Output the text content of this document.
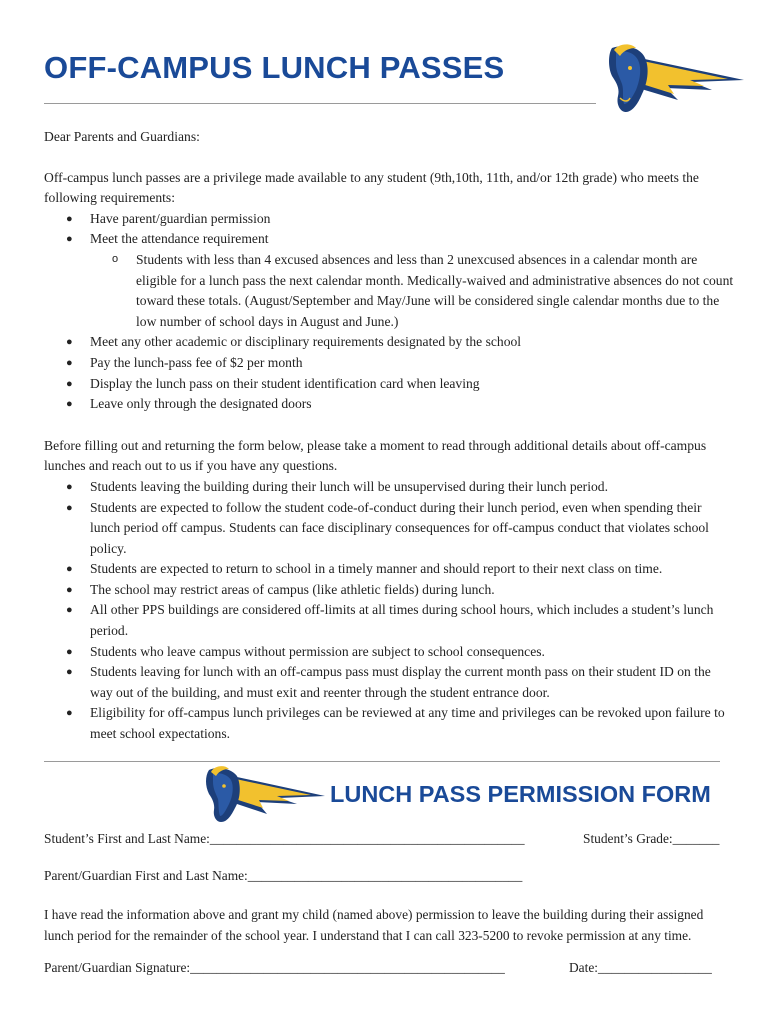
OFF-CAMPUS LUNCH PASSES

Dear Parents and Guardians:

Off-campus lunch passes are a privilege made available to any student (9th,10th, 11th, and/or 12th grade) who meets the following requirements:

● Have parent/guardian permission
● Meet the attendance requirement
o Students with less than 4 excused absences and less than 2 unexcused absences in a calendar month are eligible for a lunch pass the next calendar month. Medically-waived and administrative absences do not count toward these totals. (August/September and May/June will be considered single calendar months due to the low number of school days in August and June.)
● Meet any other academic or disciplinary requirements designated by the school
● Pay the lunch-pass fee of $2 per month
● Display the lunch pass on their student identification card when leaving
● Leave only through the designated doors

Before filling out and returning the form below, please take a moment to read through additional details about off-campus lunches and reach out to us if you have any questions.

● Students leaving the building during their lunch will be unsupervised during their lunch period.
● Students are expected to follow the student code-of-conduct during their lunch period, even when spending their lunch period off campus. Students can face disciplinary consequences for off-campus conduct that violates school policy.
● Students are expected to return to school in a timely manner and should report to their next class on time.
● The school may restrict areas of campus (like athletic fields) during lunch.
● All other PPS buildings are considered off-limits at all times during school hours, which includes a student’s lunch period.
● Students who leave campus without permission are subject to school consequences.
● Students leaving for lunch with an off-campus pass must display the current month pass on their student ID on the way out of the building, and must exit and reenter through the student entrance door.
● Eligibility for off-campus lunch privileges can be reviewed at any time and privileges can be revoked upon failure to meet school expectations.
LUNCH PASS PERMISSION FORM
Student’s First and Last Name:_______________________________________________	Student’s Grade:_______
Parent/Guardian First and Last Name:_________________________________________
I have read the information above and grant my child (named above) permission to leave the building during their assigned lunch period for the remainder of the school year. I understand that I can call 323-5200 to revoke permission at any time.
Parent/Guardian Signature:_______________________________________________	Date:_________________
